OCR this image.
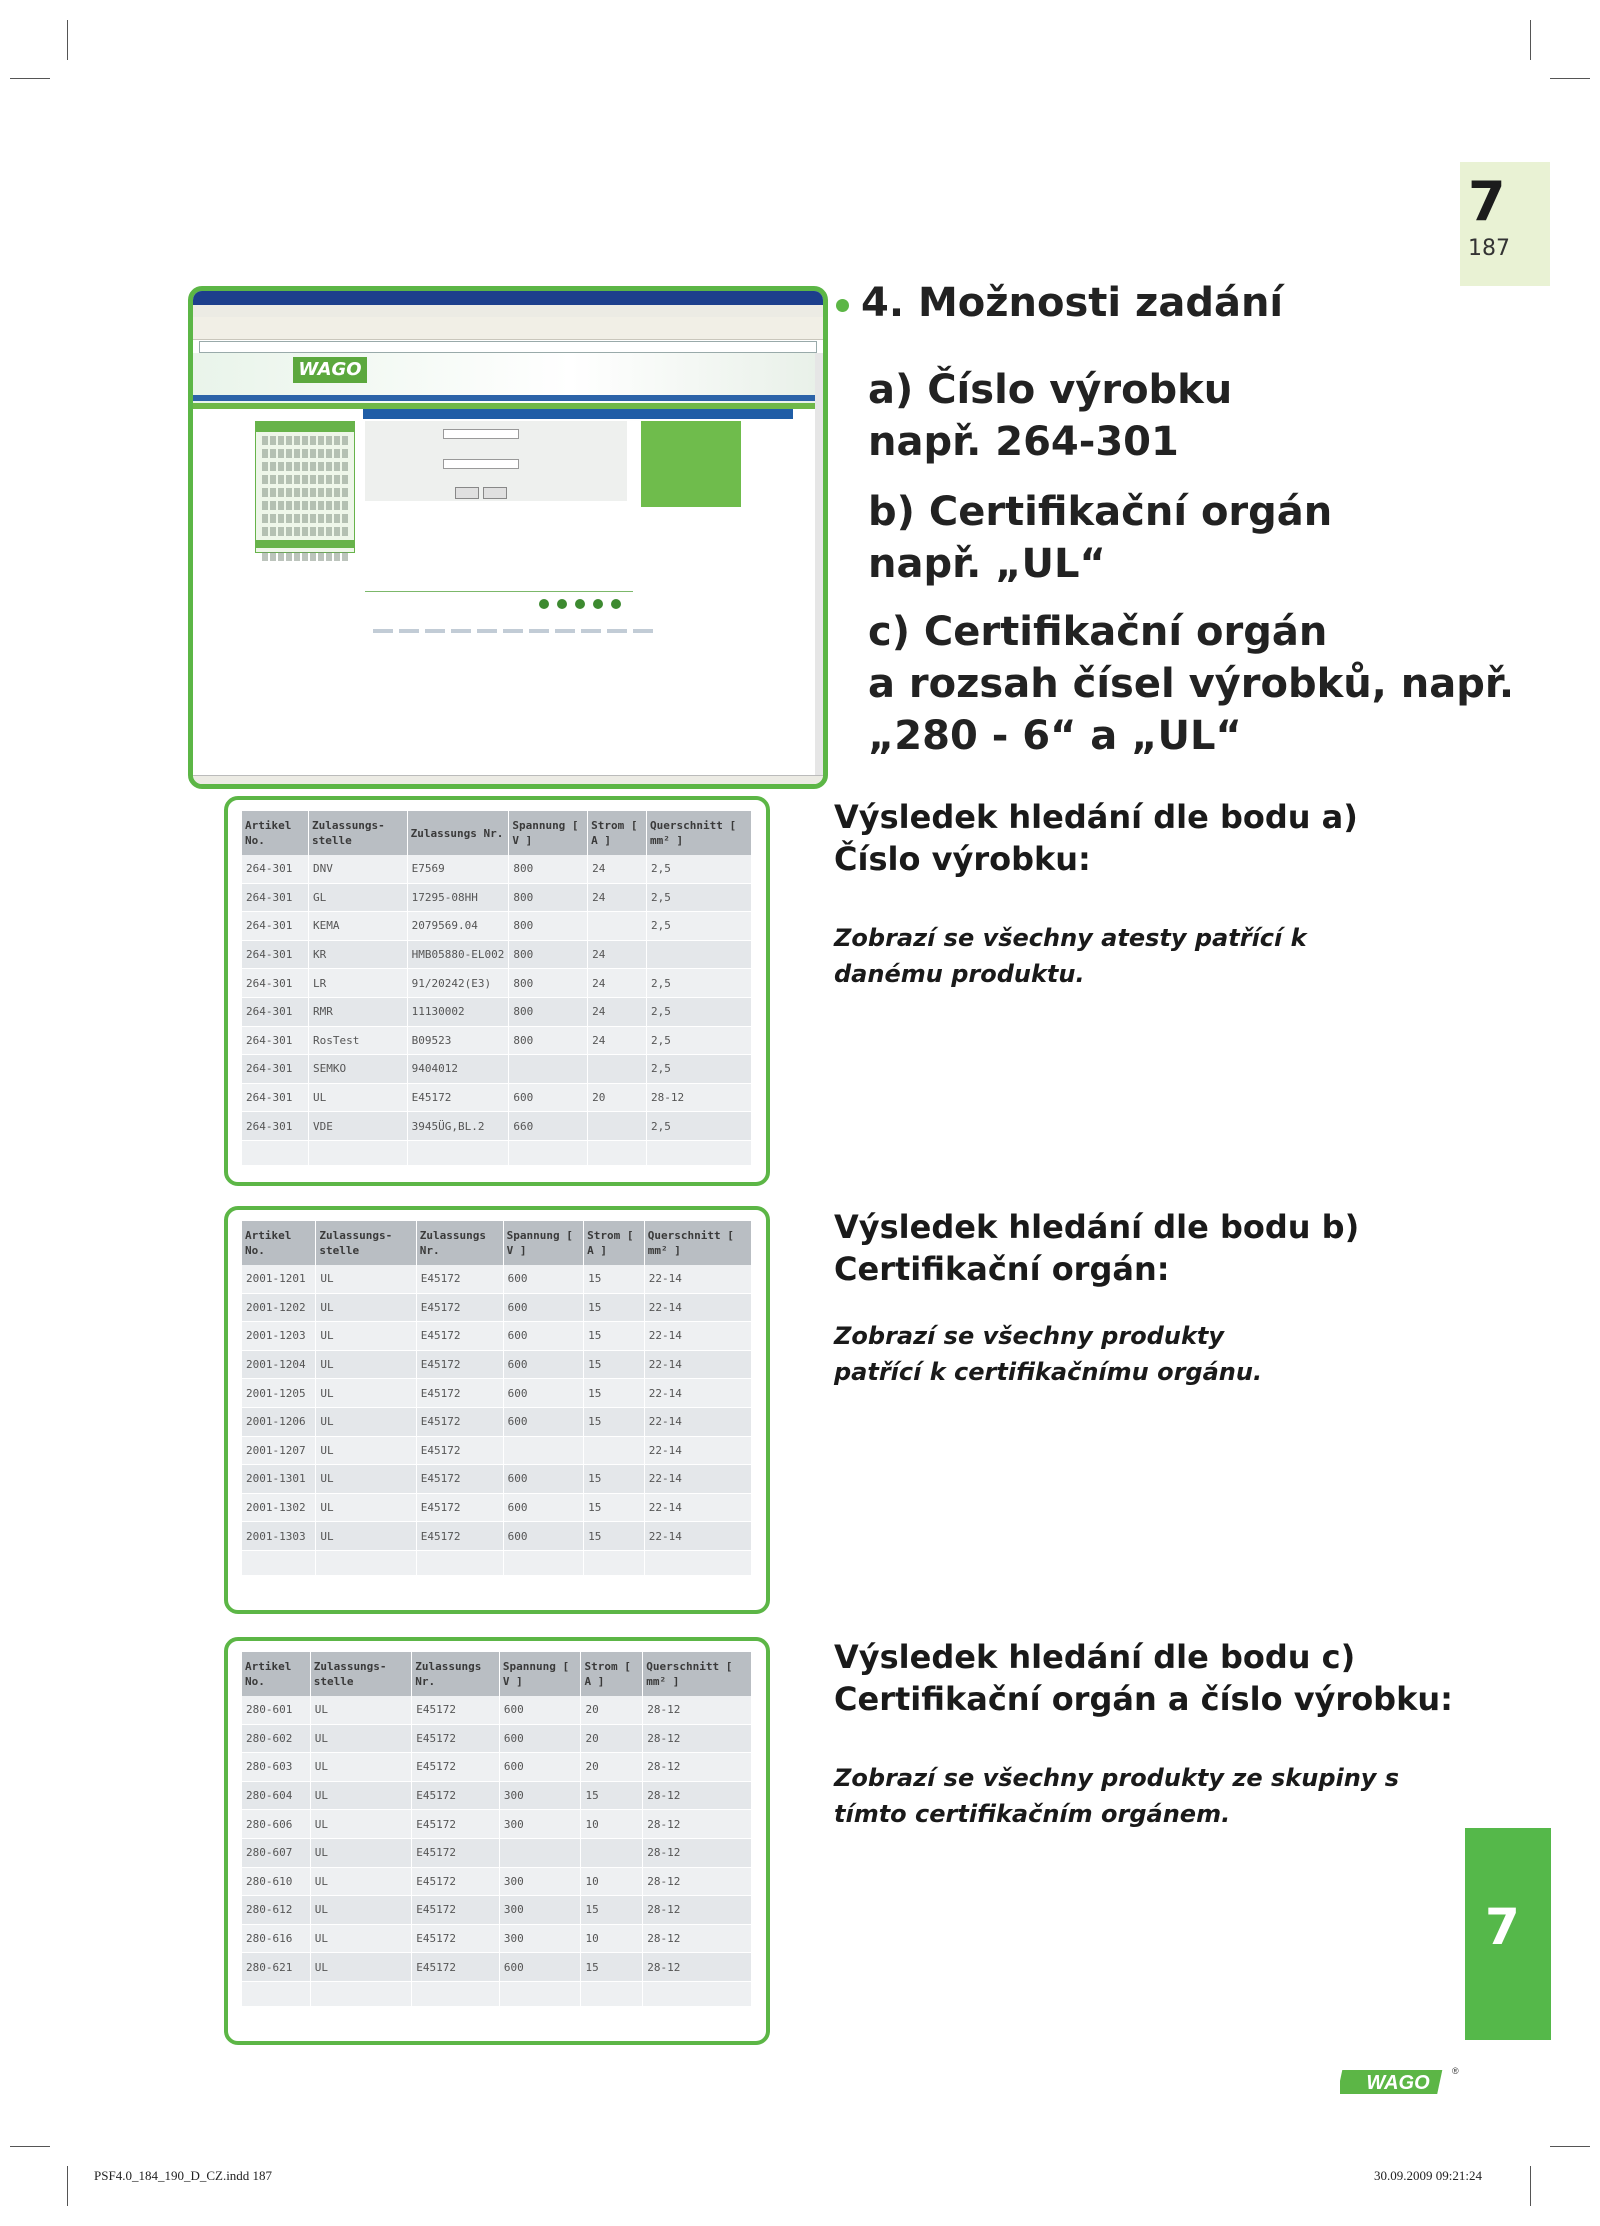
7
187
7
WAGO
4. Možnosti zadání
a) Číslo výrobku
např. 264-301
b) Certifikační orgán
např. „UL“
c) Certifikační orgán
a rozsah čísel výrobků, např.
„280 - 6“ a „UL“
Artikel No.	Zulassungs-stelle	Zulassungs Nr.	Spannung [ V ]	Strom [ A ]	Querschnitt [ mm² ]
264-301	DNV	E7569	800	24	2,5
264-301	GL	17295-08HH	800	24	2,5
264-301	KEMA	2079569.04	800		2,5
264-301	KR	HMB05880-EL002	800	24	
264-301	LR	91/20242(E3)	800	24	2,5
264-301	RMR	11130002	800	24	2,5
264-301	RosTest	B09523	800	24	2,5
264-301	SEMKO	9404012			2,5
264-301	UL	E45172	600	20	28-12
264-301	VDE	3945ÜG,BL.2	660		2,5

Výsledek hledání dle bodu a)
Číslo výrobku:
Zobrazí se všechny atesty patřící k danému produktu.
Artikel No.	Zulassungs-stelle	Zulassungs Nr.	Spannung [ V ]	Strom [ A ]	Querschnitt [ mm² ]
2001-1201	UL	E45172	600	15	22-14
2001-1202	UL	E45172	600	15	22-14
2001-1203	UL	E45172	600	15	22-14
2001-1204	UL	E45172	600	15	22-14
2001-1205	UL	E45172	600	15	22-14
2001-1206	UL	E45172	600	15	22-14
2001-1207	UL	E45172			22-14
2001-1301	UL	E45172	600	15	22-14
2001-1302	UL	E45172	600	15	22-14
2001-1303	UL	E45172	600	15	22-14

Výsledek hledání dle bodu b)
Certifikační orgán:
Zobrazí se všechny produkty patřící k certifikačnímu orgánu.
Artikel No.	Zulassungs-stelle	Zulassungs Nr.	Spannung [ V ]	Strom [ A ]	Querschnitt [ mm² ]
280-601	UL	E45172	600	20	28-12
280-602	UL	E45172	600	20	28-12
280-603	UL	E45172	600	20	28-12
280-604	UL	E45172	300	15	28-12
280-606	UL	E45172	300	10	28-12
280-607	UL	E45172			28-12
280-610	UL	E45172	300	10	28-12
280-612	UL	E45172	300	15	28-12
280-616	UL	E45172	300	10	28-12
280-621	UL	E45172	600	15	28-12

Výsledek hledání dle bodu c)
Certifikační orgán a číslo výrobku:
Zobrazí se všechny produkty ze skupiny s tímto certifikačním orgánem.
WAGO
®
PSF4.0_184_190_D_CZ.indd 187	30.09.2009 09:21:24
